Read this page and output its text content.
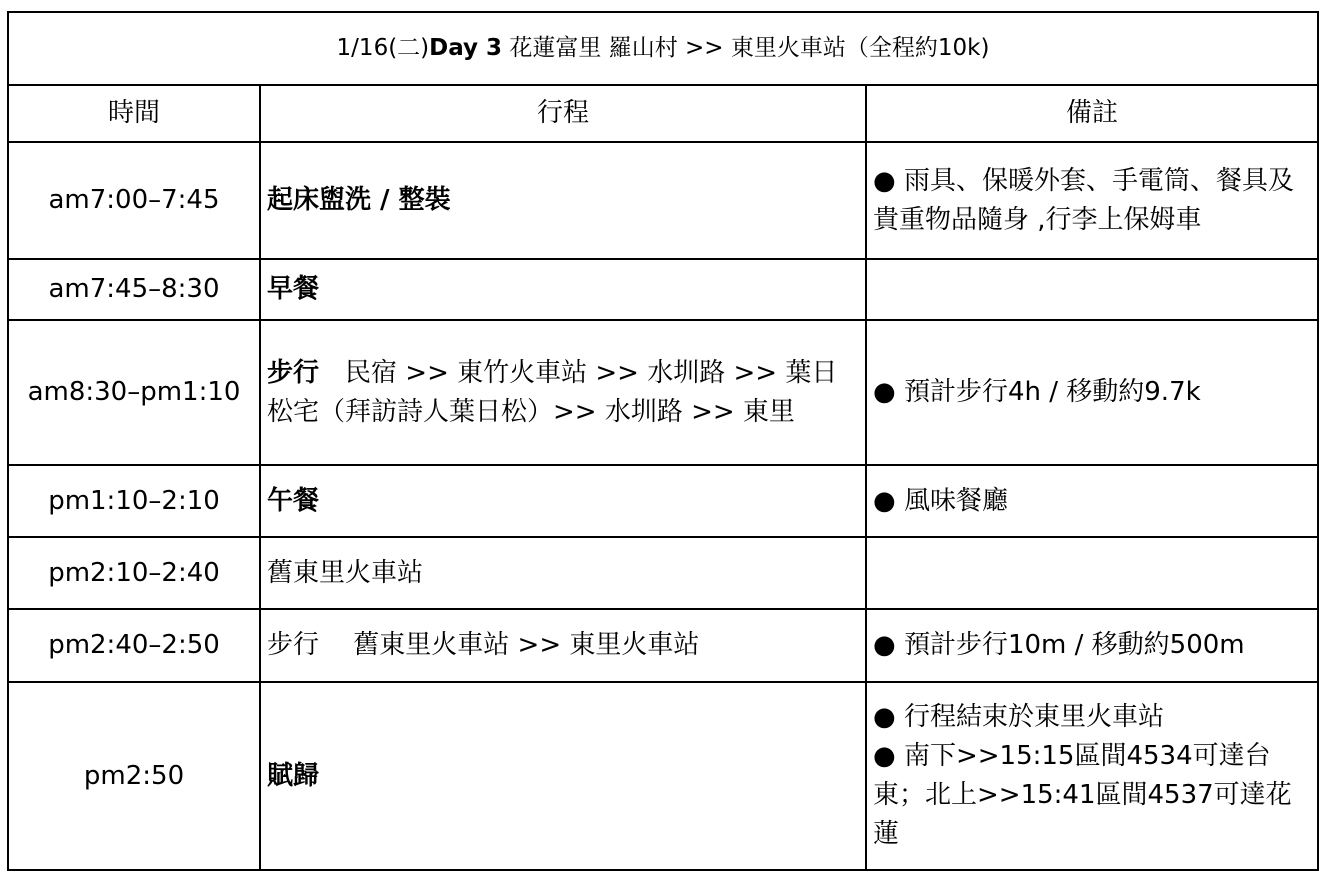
1/16(二)Day 3 花蓮富里 羅山村 >> 東里火車站（全程約10k)		
時間	行程	備註
am7:00–7:45	起床盥洗 / 整裝	● 雨具、保暖外套、手電筒、餐具及貴重物品隨身 ,行李上保姆車

am7:45–8:30	早餐	
am8:30–pm1:10	步行　民宿 >> 東竹火車站 >> 水圳路 >> 葉日松宅（拜訪詩人葉日松）>> 水圳路 >> 東里	● 預計步行4h / 移動約9.7k

pm1:10–2:10	午餐	● 風味餐廳

pm2:10–2:40	舊東里火車站	
pm2:40–2:50	步行　 舊東里火車站 >> 東里火車站	● 預計步行10m / 移動約500m

pm2:50	賦歸	● 行程結束於東里火車站
● 南下>>15:15區間4534可達台東；北上>>15:41區間4537可達花蓮
